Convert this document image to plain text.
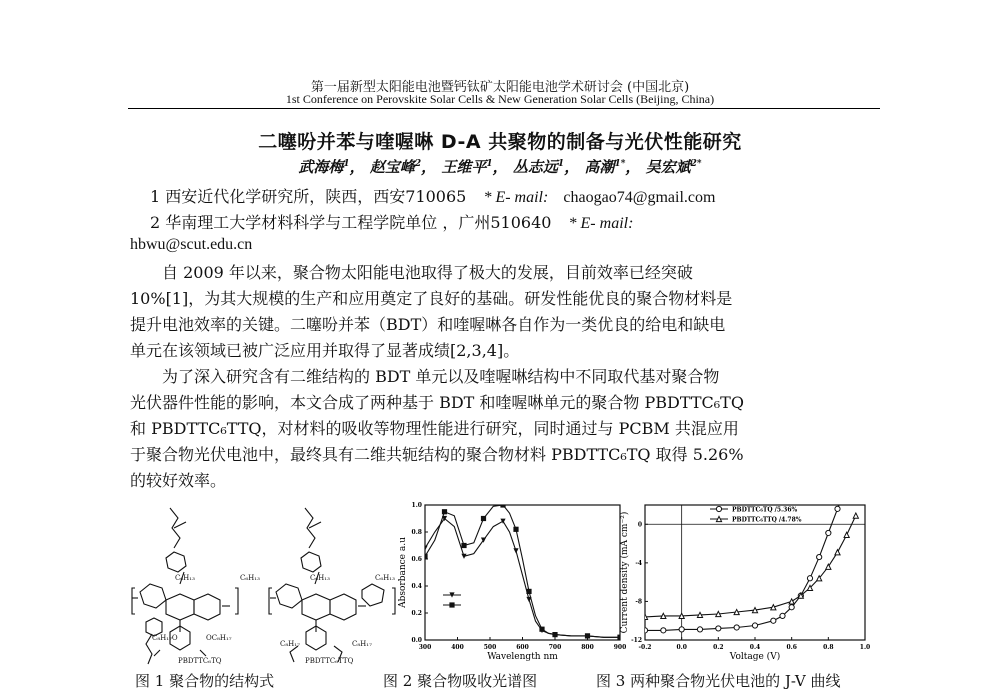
第一届新型太阳能电池暨钙钛矿太阳能电池学术研讨会 (中国北京)
1st Conference on Perovskite Solar Cells & New Generation Solar Cells (Beijing, China)
二噻吩并苯与喹喔啉 D-A 共聚物的制备与光伏性能研究
武海梅$^1$， 赵宝峰$^2$， 王维平$^1$， 丛志远$^1$， 高潮$^{1*}$， 吴宏斌$^{2*}$
1 西安近代化学研究所，陕西，西安710065 * E- mail: chaogao74@gmail.com
2 华南理工大学材料科学与工程学院单位 ，广州510640 * E- mail:
hbwu@scut.edu.cn
自 2009 年以来，聚合物太阳能电池取得了极大的发展，目前效率已经突破
10%[1]，为其大规模的生产和应用奠定了良好的基础。研发性能优良的聚合物材料是
提升电池效率的关键。二噻吩并苯（BDT）和喹喔啉各自作为一类优良的给电和缺电
单元在该领域已被广泛应用并取得了显著成绩[2,3,4]。
为了深入研究含有二维结构的 BDT 单元以及喹喔啉结构中不同取代基对聚合物
光伏器件性能的影响，本文合成了两种基于 BDT 和喹喔啉单元的聚合物 PBDTTC₆TQ
和 PBDTTC₆TTQ，对材料的吸收等物理性能进行研究，同时通过与 PCBM 共混应用
于聚合物光伏电池中，最终具有二维共轭结构的聚合物材料 PBDTTC₆TQ 取得 5.26%
的较好效率。
C₆H₁₃	C₆H₁₃	C₆H₁₃	C₆H₁₃
C₈H₁₇O	OC₈H₁₇
C₈H₁₇	C₈H₁₇
PBDTTC₆TQ	PBDTTC₆TTQ
300	400	500	600	700	800	900
0.0
0.2
0.4
0.6
0.8
1.0
Wavelength nm
Absorbance a.u
-0.2	0.0	0.2	0.4	0.6	0.8	1.0
0
-4
-8
-12
PBDTTC₆TQ /5.36%
PBDTTC₆TTQ /4.78%
Voltage (V)
Current density (mA cm⁻²)
图 1 聚合物的结构式	图 2 聚合物吸收光谱图	图 3 两种聚合物光伏电池的 J-V 曲线
